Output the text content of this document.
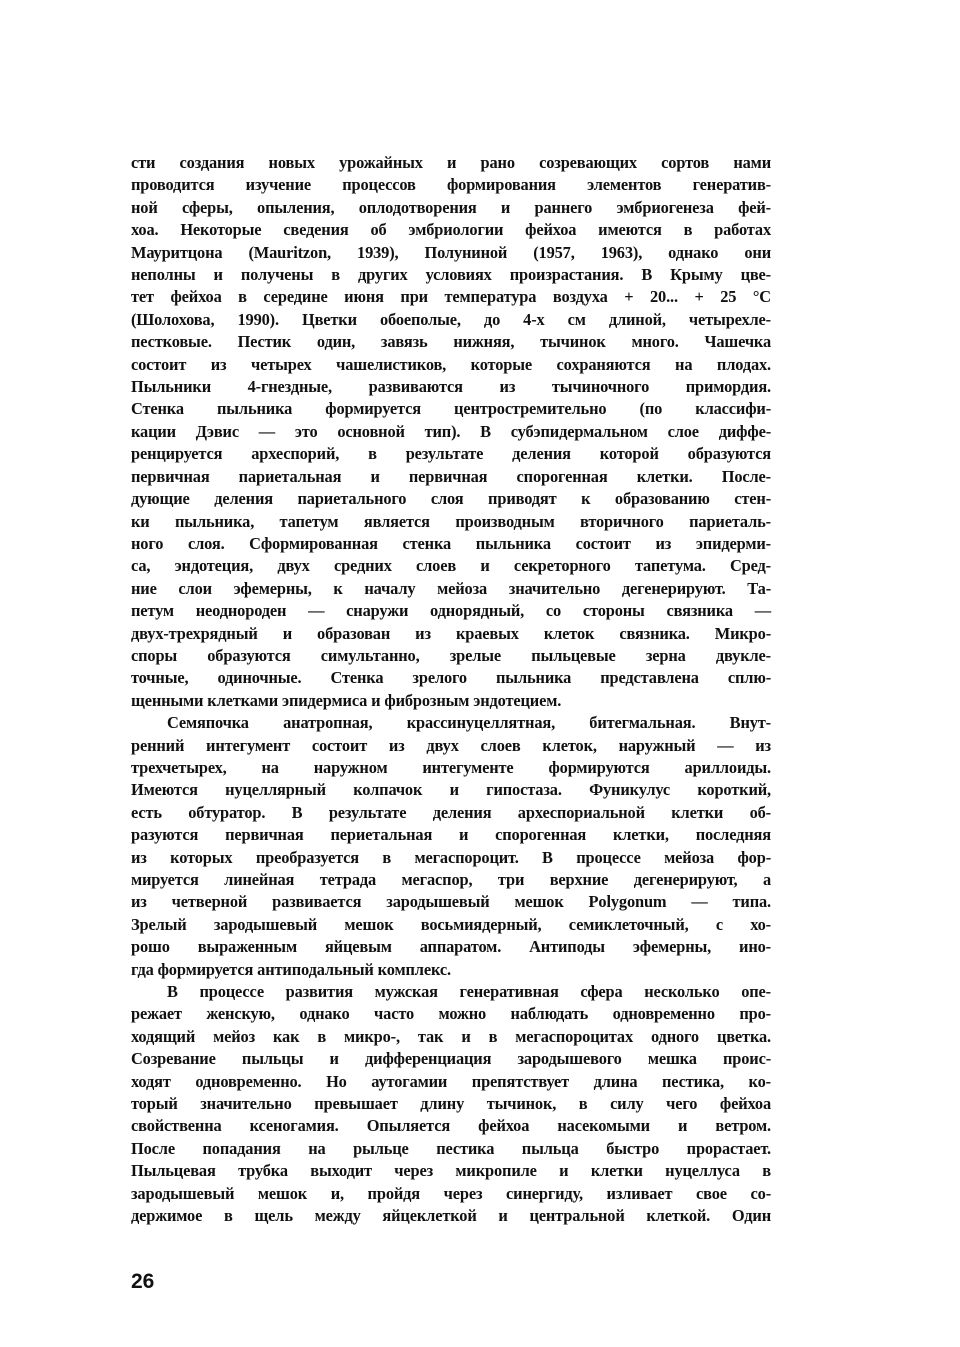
сти создания новых урожайных и рано созревающих сортов нами
проводится изучение процессов формирования элементов генератив-
ной сферы, опыления, оплодотворения и раннего эмбриогенеза фей-
хоа. Некоторые сведения об эмбриологии фейхоа имеются в работах
Мауритцона (Mauritzon, 1939), Полуниной (1957, 1963), однако они
неполны и получены в других условиях произрастания. В Крыму цве-
тет фейхоа в середине июня при температура воздуха + 20... + 25 °С
(Шолохова, 1990). Цветки обоеполые, до 4-х см длиной, четырехле-
пестковые. Пестик один, завязь нижняя, тычинок много. Чашечка
состоит из четырех чашелистиков, которые сохраняются на плодах.
Пыльники 4-гнездные, развиваются из тычиночного примордия.
Стенка пыльника формируется центростремительно (по классифи-
кации Дэвис — это основной тип). В субэпидермальном слое диффе-
ренцируется археспорий, в результате деления которой образуются
первичная париетальная и первичная спорогенная клетки. После-
дующие деления париетального слоя приводят к образованию стен-
ки пыльника, тапетум является производным вторичного париеталь-
ного слоя. Сформированная стенка пыльника состоит из эпидерми-
са, эндотеция, двух средних слоев и секреторного тапетума. Сред-
ние слои эфемерны, к началу мейоза значительно дегенерируют. Та-
петум неоднороден — снаружи однорядный, со стороны связника —
двух-трехрядный и образован из краевых клеток связника. Микро-
споры образуются симультанно, зрелые пыльцевые зерна двукле-
точные, одиночные. Стенка зрелого пыльника представлена сплю-
щенными клетками эпидермиса и фиброзным эндотецием.
Семяпочка анатропная, крассинуцеллятная, битегмальная. Внут-
ренний интегумент состоит из двух слоев клеток, наружный — из
трехчетырех, на наружном интегументе формируются ариллоиды.
Имеются нуцеллярный колпачок и гипостаза. Фуникулус короткий,
есть обтуратор. В результате деления археспориальной клетки об-
разуются первичная периетальная и спорогенная клетки, последняя
из которых преобразуется в мегаспороцит. В процессе мейоза фор-
мируется линейная тетрада мегаспор, три верхние дегенерируют, а
из четверной развивается зародышевый мешок Polygonum — типа.
Зрелый зародышевый мешок восьмиядерный, семиклеточный, с хо-
рошо выраженным яйцевым аппаратом. Антиподы эфемерны, ино-
гда формируется антиподальный комплекс.
В процессе развития мужская генеративная сфера несколько опе-
режает женскую, однако часто можно наблюдать одновременно про-
ходящий мейоз как в микро-, так и в мегаспороцитах одного цветка.
Созревание пыльцы и дифференциация зародышевого мешка проис-
ходят одновременно. Но аутогамии препятствует длина пестика, ко-
торый значительно превышает длину тычинок, в силу чего фейхоа
свойственна ксеногамия. Опыляется фейхоа насекомыми и ветром.
После попадания на рыльце пестика пыльца быстро прорастает.
Пыльцевая трубка выходит через микропиле и клетки нуцеллуса в
зародышевый мешок и, пройдя через синергиду, изливает свое со-
держимое в щель между яйцеклеткой и центральной клеткой. Один
26
